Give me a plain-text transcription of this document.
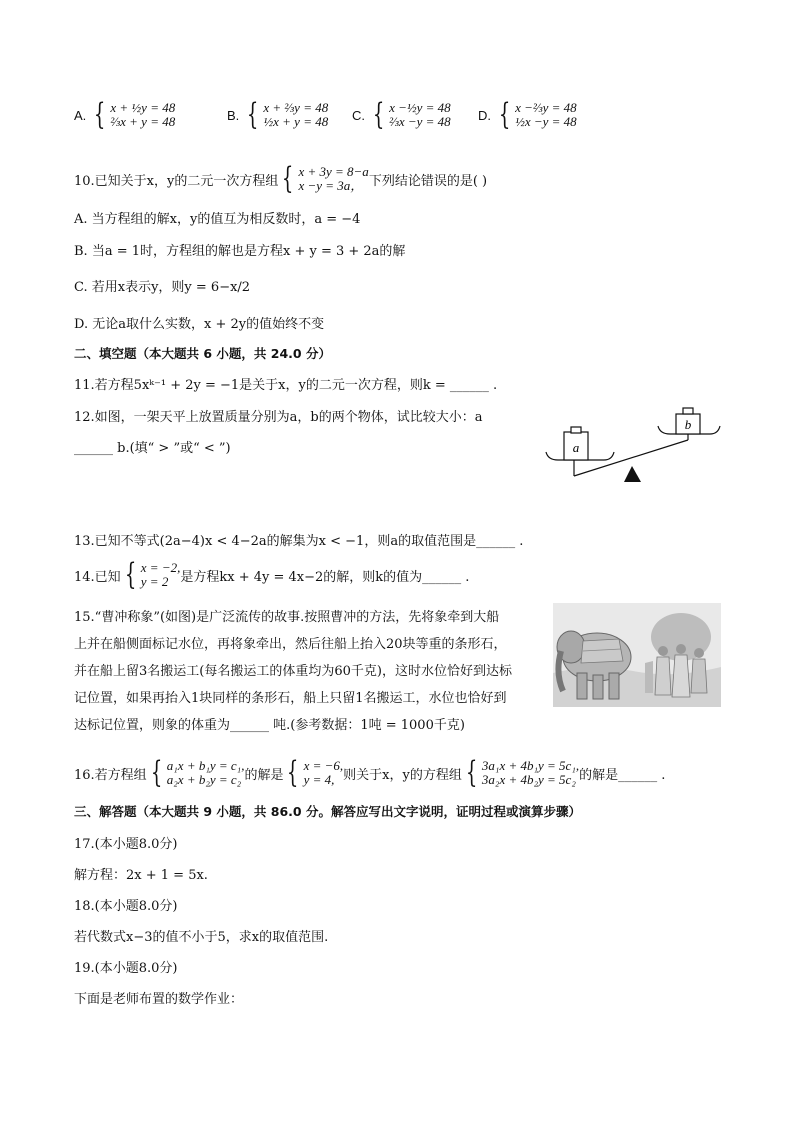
A. { x + ½y = 48
⅔x + y = 48	B. { x + ⅔y = 48
½x + y = 48 C. { x −½y = 48
⅔x −y = 48 D. { x −⅔y = 48
½x −y = 48
10.已知关于x，y的二元一次方程组 { x + 3y = 8−a
x −y = 3a， 下列结论错误的是( )
A. 当方程组的解x，y的值互为相反数时，a = −4
B. 当a = 1时，方程组的解也是方程x + y = 3 + 2a的解
C. 若用x表示y，则y = 6−x/2
D. 无论a取什么实数，x + 2y的值始终不变
二、填空题（本大题共 6 小题，共 24.0 分）
11.若方程5xᵏ⁻¹ + 2y = −1是关于x，y的二元一次方程，则k = ______ .
12.如图，一架天平上放置质量分别为a，b的两个物体，试比较大小：a
______ b.(填“ > ”或“ < ”)	a
b
13.已知不等式(2a−4)x < 4−2a的解集为x < −1，则a的取值范围是______ .
14.已知 { x = −2,
y = 2 是方程kx + 4y = 4x−2的解，则k的值为______ .
15.“曹冲称象”(如图)是广泛流传的故事.按照曹冲的方法，先将象牵到大船
上并在船侧面标记水位，再将象牵出，然后往船上抬入20块等重的条形石，
并在船上留3名搬运工(每名搬运工的体重均为60千克)，这时水位恰好到达标
记位置，如果再抬入1块同样的条形石，船上只留1名搬运工，水位也恰好到
达标记位置，则象的体重为______ 吨.(参考数据：1吨 = 1000千克)
16.若方程组 { a₁x + b₁y = c₁,
a₂x + b₂y = c₂ 的解是 { x = −6,
y = 4, 则关于x，y的方程组 { 3a₁x + 4b₁y = 5c₁,
3a₂x + 4b₂y = 5c₂ 的解是______ .
三、解答题（本大题共 9 小题，共 86.0 分。解答应写出文字说明，证明过程或演算步骤）
17.(本小题8.0分)
解方程：2x + 1 = 5x.
18.(本小题8.0分)
若代数式x−3的值不小于5，求x的取值范围.
19.(本小题8.0分)
下面是老师布置的数学作业：
